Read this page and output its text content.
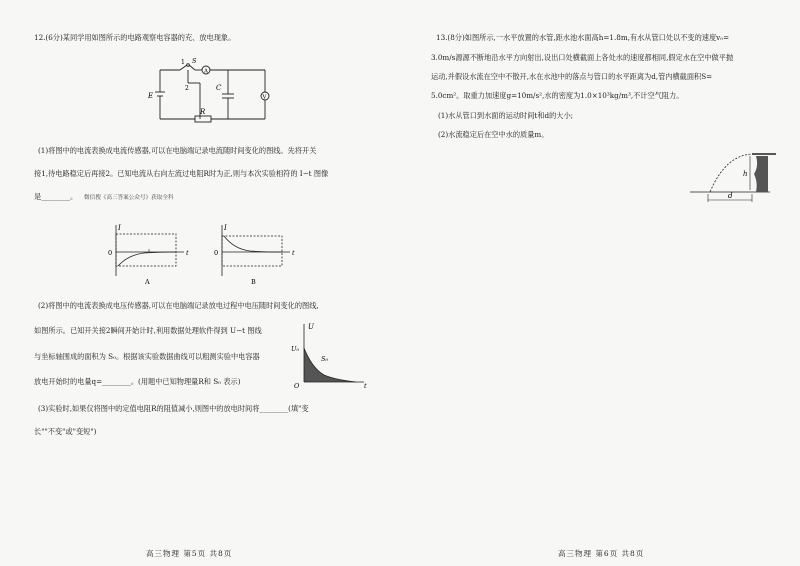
12.(6分)某同学用如图所示的电路观察电容器的充、放电现象。
E
S
A
1
2	C
V
R
(1)将图中的电流表换成电流传感器,可以在电脑端记录电流随时间变化的图线。先将开关
接1,待电路稳定后再接2。已知电流从右向左流过电阻R时为正,则与本次实验相符的 I−t 图像
是________。 微信搜《高三答案公众号》获取全科
I
t
0
A
I
t
0
B
(2)将图中的电流表换成电压传感器,可以在电脑端记录放电过程中电压随时间变化的图线,
如图所示。已知开关接2瞬间开始计时,利用数据处理软件得到 U−t 图线
与坐标轴围成的面积为 S₀。根据该实验数据曲线可以粗测实验中电容器
放电开始时的电量q=________。(用题中已知物理量R和 S₀ 表示)
U
U₀
S₀
O	t
(3)实验时,如果仅将图中的定值电阻R的阻值减小,则图中的放电时间将________(填"变
长""不变"或"变短")
高三物理 第5页 共8页
13.(8分)如图所示,一水平放置的水管,距水池水面高h=1.8m,有水从管口处以不变的速度v₀=
3.0m/s源源不断地沿水平方向射出,设出口处横截面上各处水的速度都相同,假定水在空中做平抛
运动,并假设水流在空中不散开,水在水池中的落点与管口的水平距离为d,管内横截面积S=
5.0cm²。取重力加速度g=10m/s²,水的密度为1.0×10³kg/m³,不计空气阻力。
(1)水从管口到水面的运动时间t和d的大小;
(2)水流稳定后在空中水的质量m。
h
d
高三物理 第6页 共8页
